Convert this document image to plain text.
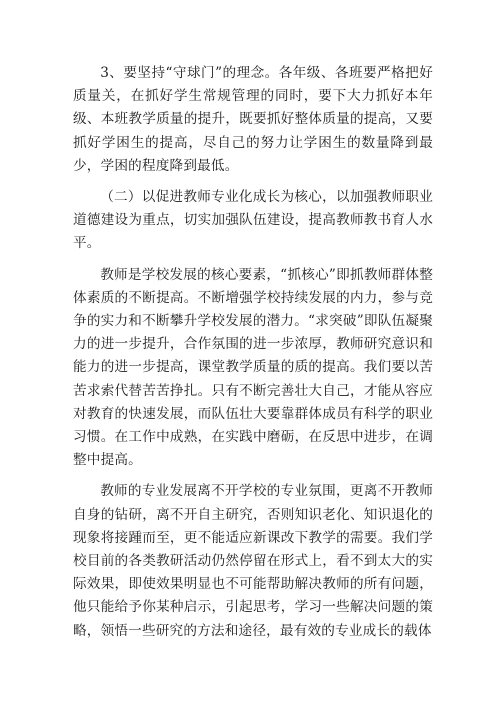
3、要坚持“守球门”的理念。各年级、各班要严格把好质量关，在抓好学生常规管理的同时，要下大力抓好本年级、本班教学质量的提升，既要抓好整体质量的提高，又要抓好学困生的提高，尽自己的努力让学困生的数量降到最少，学困的程度降到最低。

（二）以促进教师专业化成长为核心，以加强教师职业道德建设为重点，切实加强队伍建设，提高教师教书育人水平。

教师是学校发展的核心要素，“抓核心”即抓教师群体整体素质的不断提高。不断增强学校持续发展的内力，参与竞争的实力和不断攀升学校发展的潜力。“求突破”即队伍凝聚力的进一步提升，合作氛围的进一步浓厚，教师研究意识和能力的进一步提高，课堂教学质量的质的提高。我们要以苦苦求索代替苦苦挣扎。只有不断完善壮大自己，才能从容应对教育的快速发展，而队伍壮大要靠群体成员有科学的职业习惯。在工作中成熟，在实践中磨砺，在反思中进步，在调整中提高。

教师的专业发展离不开学校的专业氛围，更离不开教师自身的钻研，离不开自主研究，否则知识老化、知识退化的现象将接踵而至，更不能适应新课改下教学的需要。我们学校目前的各类教研活动仍然停留在形式上，看不到太大的实际效果，即使效果明显也不可能帮助解决教师的所有问题，他只能给予你某种启示，引起思考，学习一些解决问题的策略，领悟一些研究的方法和途径，最有效的专业成长的载体
